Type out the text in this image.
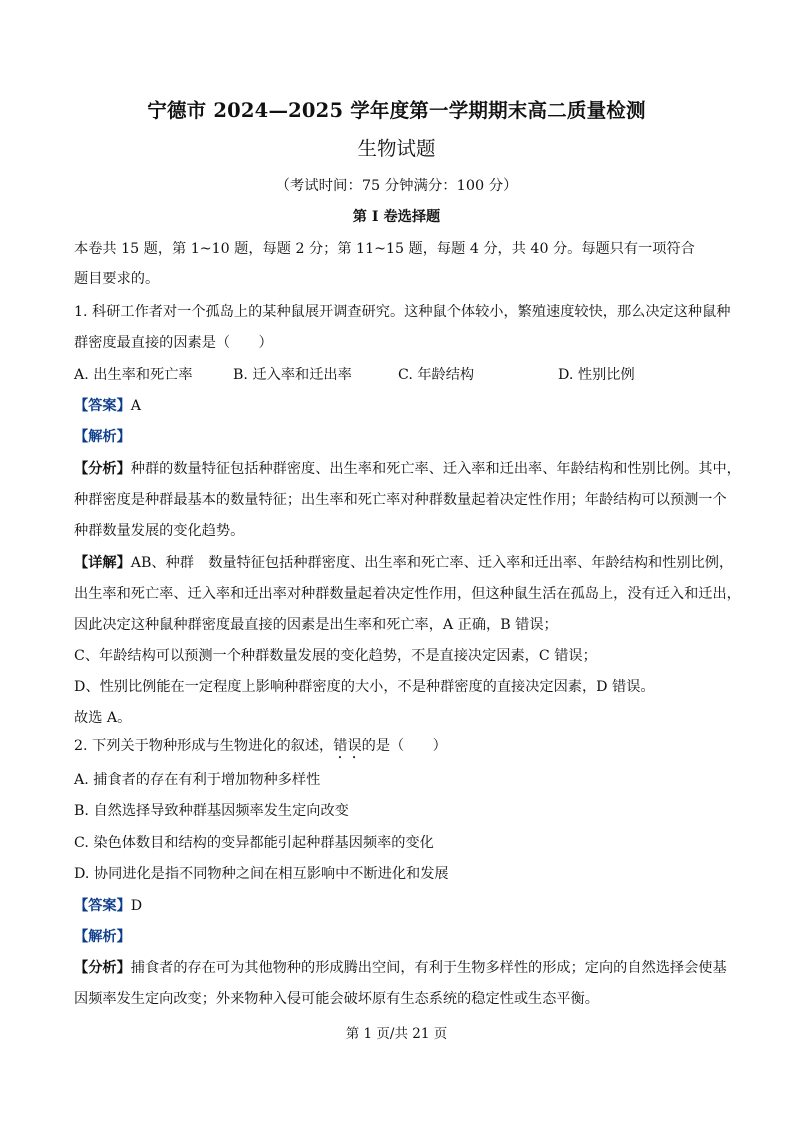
宁德市 2024—2025 学年度第一学期期末高二质量检测
生物试题
（考试时间：75 分钟满分：100 分）
第 I 卷选择题
本卷共 15 题，第 1~10 题，每题 2 分；第 11~15 题，每题 4 分，共 40 分。每题只有一项符合
题目要求的。
1. 科研工作者对一个孤岛上的某种鼠展开调查研究。这种鼠个体较小，繁殖速度较快，那么决定这种鼠种
群密度最直接的因素是（　　）
A. 出生率和死亡率	B. 迁入率和迁出率	C. 年龄结构	D. 性别比例
【答案】A
【解析】
【分析】种群的数量特征包括种群密度、出生率和死亡率、迁入率和迁出率、年龄结构和性别比例。其中，
种群密度是种群最基本的数量特征；出生率和死亡率对种群数量起着决定性作用；年龄结构可以预测一个
种群数量发展的变化趋势。
【详解】AB、种群　数量特征包括种群密度、出生率和死亡率、迁入率和迁出率、年龄结构和性别比例，
出生率和死亡率、迁入率和迁出率对种群数量起着决定性作用，但这种鼠生活在孤岛上，没有迁入和迁出，
因此决定这种鼠种群密度最直接的因素是出生率和死亡率，A 正确，B 错误；
C、年龄结构可以预测一个种群数量发展的变化趋势，不是直接决定因素，C 错误；
D、性别比例能在一定程度上影响种群密度的大小，不是种群密度的直接决定因素，D 错误。
故选 A。
2. 下列关于物种形成与生物进化的叙述，错误的是（　　）
A. 捕食者的存在有利于增加物种多样性
B. 自然选择导致种群基因频率发生定向改变
C. 染色体数目和结构的变异都能引起种群基因频率的变化
D. 协同进化是指不同物种之间在相互影响中不断进化和发展
【答案】D
【解析】
【分析】捕食者的存在可为其他物种的形成腾出空间，有利于生物多样性的形成；定向的自然选择会使基
因频率发生定向改变；外来物种入侵可能会破坏原有生态系统的稳定性或生态平衡。
第 1 页/共 21 页
